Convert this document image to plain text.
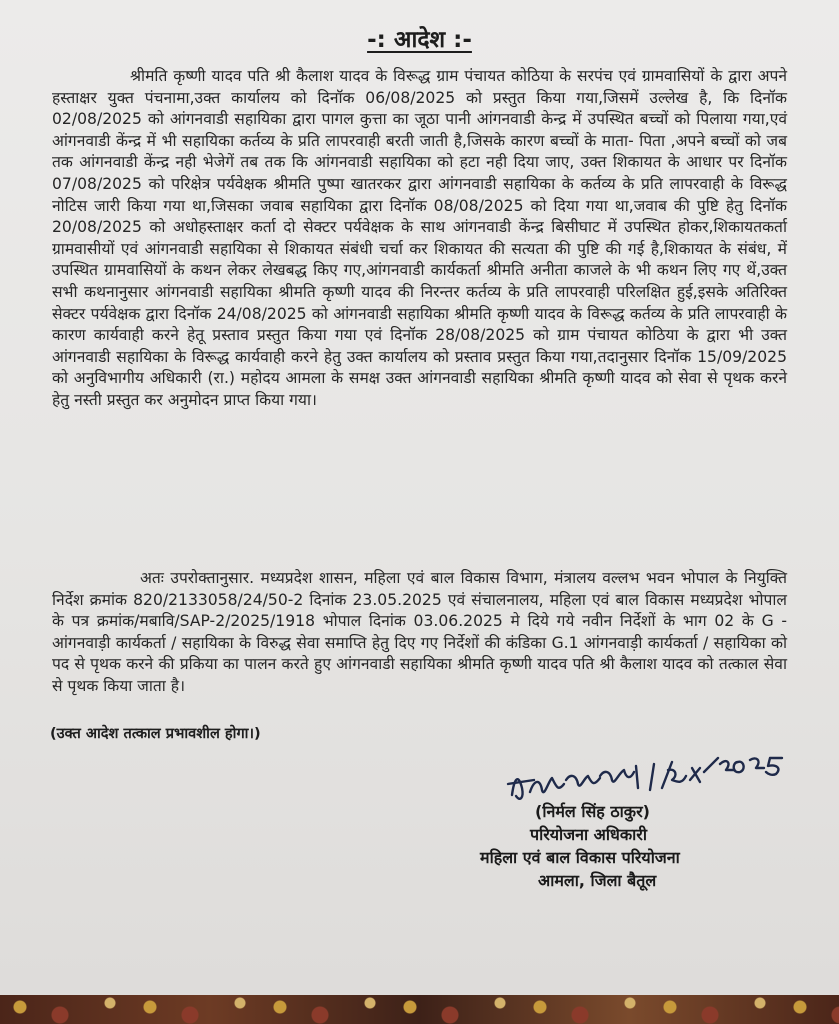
-: आदेश :-

श्रीमति कृष्णी यादव पति श्री कैलाश यादव के विरूद्ध ग्राम पंचायत कोठिया के सरपंच एवं ग्रामवासियों के द्वारा अपने हस्ताक्षर युक्त पंचनामा,उक्त कार्यालय को दिनॉक 06/08/2025 को प्रस्तुत किया गया,जिसमें उल्लेख है, कि दिनॉक 02/08/2025 को आंगनवाडी सहायिका द्वारा पागल कुत्ता का जूठा पानी आंगनवाडी केन्द्र में उपस्थित बच्चों को पिलाया गया,एवं आंगनवाडी केंन्द्र में भी सहायिका कर्तव्य के प्रति लापरवाही बरती जाती है,जिसके कारण बच्चों के माता- पिता ,अपने बच्चों को जब तक आंगनवाडी केंन्द्र नही भेजेगें तब तक कि आंगनवाडी सहायिका को हटा नही दिया जाए, उक्त शिकायत के आधार पर दिनॉक 07/08/2025 को परिक्षेत्र पर्यवेक्षक श्रीमति पुष्पा खातरकर द्वारा आंगनवाडी सहायिका के कर्तव्य के प्रति लापरवाही के विरूद्ध नोटिस जारी किया गया था,जिसका जवाब सहायिका द्वारा दिनॉक 08/08/2025 को दिया गया था,जवाब की पुष्टि हेतु दिनॉक 20/08/2025 को अधोहस्ताक्षर कर्ता दो सेक्टर पर्यवेक्षक के साथ आंगनवाडी केंन्द्र बिसीघाट में उपस्थित होकर,शिकायतकर्ता ग्रामवासीयों एवं आंगनवाडी सहायिका से शिकायत संबंधी चर्चा कर शिकायत की सत्यता की पुष्टि की गई है,शिकायत के संबंध, में उपस्थित ग्रामवासियों के कथन लेकर लेखबद्ध किए गए,आंगनवाडी कार्यकर्ता श्रीमति अनीता काजले के भी कथन लिए गए थें,उक्त सभी कथनानुसार आंगनवाडी सहायिका श्रीमति कृष्णी यादव की निरन्तर कर्तव्य के प्रति लापरवाही परिलक्षित हुई,इसके अतिरिक्त सेक्टर पर्यवेक्षक द्वारा दिनॉक 24/08/2025 को आंगनवाडी सहायिका श्रीमति कृष्णी यादव के विरूद्ध कर्तव्य के प्रति लापरवाही के कारण कार्यवाही करने हेतू प्रस्ताव प्रस्तुत किया गया एवं दिनॉक 28/08/2025 को ग्राम पंचायत कोठिया के द्वारा भी उक्त आंगनवाडी सहायिका के विरूद्ध कार्यवाही करने हेतु उक्त कार्यालय को प्रस्ताव प्रस्तुत किया गया,तदानुसार दिनॉक 15/09/2025 को अनुविभागीय अधिकारी (रा.) महोदय आमला के समक्ष उक्त आंगनवाडी सहायिका श्रीमति कृष्णी यादव को सेवा से पृथक करने हेतु नस्ती प्रस्तुत कर अनुमोदन प्राप्त किया गया।

अतः उपरोक्तानुसार. मध्यप्रदेश शासन, महिला एवं बाल विकास विभाग, मंत्रालय वल्लभ भवन भोपाल के नियुक्ति निर्देश क्रमांक 820/2133058/24/50-2 दिनांक 23.05.2025 एवं संचालनालय, महिला एवं बाल विकास मध्यप्रदेश भोपाल के पत्र क्रमांक/मबावि/SAP-2/2025/1918 भोपाल दिनांक 03.06.2025 मे दिये गये नवीन निर्देशों के भाग 02 के G - आंगनवाड़ी कार्यकर्ता / सहायिका के विरुद्ध सेवा समाप्ति हेतु दिए गए निर्देशों की कंडिका G.1 आंगनवाड़ी कार्यकर्ता / सहायिका को पद से पृथक करने की प्रकिया का पालन करते हुए आंगनवाडी सहायिका श्रीमति कृष्णी यादव पति श्री कैलाश यादव को तत्काल सेवा से पृथक किया जाता है।

(उक्त आदेश तत्काल प्रभावशील होगा।)
(निर्मल सिंह ठाकुर)
परियोजना अधिकारी
महिला एवं बाल विकास परियोजना
आमला, जिला बैतूल
